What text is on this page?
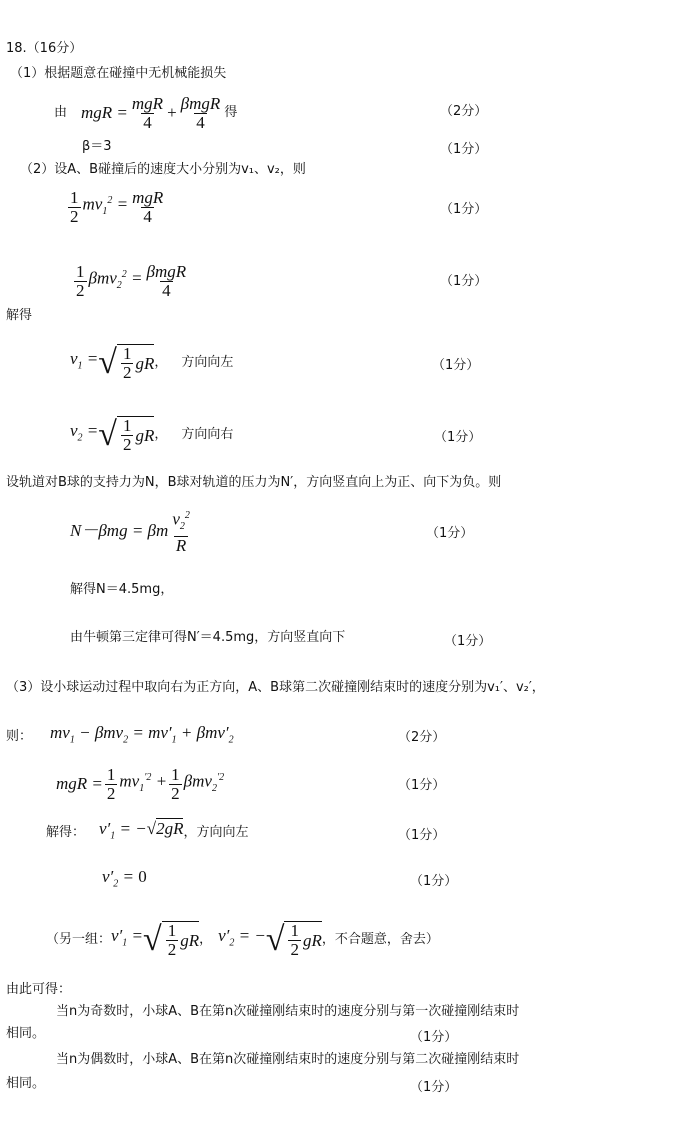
18.（16分）
（1）根据题意在碰撞中无机械能损失
由 mgR = $\frac{\text{mgR}}{4} + \frac{\text{βmgR}}{4}$ 得	（2分）
β＝3	（1分）
（2）设A、B碰撞后的速度大小分别为v₁、v₂，则
$\frac{1}{2} mv_1^2 = \frac{\text{mgR}}{4}$	（1分）
$\frac{1}{2} \beta mv_2^2 = \frac{\text{βmgR}}{4}$	（1分）
解得
$v_1$ = √ $\frac{1}{2}$ gR ， 方向向左	（1分）
$v_2$ = √ $\frac{1}{2}$ gR ， 方向向右	（1分）
设轨道对B球的支持力为N，B球对轨道的压力为N′，方向竖直向上为正、向下为负。则
N－βmg = βm $\frac{v_2^2}{R}$	（1分）
解得N＝4.5mg，
由牛顿第三定律可得N′＝4.5mg，方向竖直向下	（1分）
（3）设小球运动过程中取向右为正方向，A、B球第二次碰撞刚结束时的速度分别为v₁′、v₂′，
则： $mv_1 - \beta mv_2 = mv'_1 + \beta mv'_2$	（2分）
mgR = $\frac{1}{2} mv_1^{'2} + \frac{1}{2} \beta mv_2^{'2}$
（1分）
解得： $v'_1 = -√2gR$ ，方向向左	（1分）
$v'_2 = 0$	（1分）
（另一组： $v'_1$ = √ $\frac{1}{2}$ gR ， $v'_2$ = − √ $\frac{1}{2}$ gR ，不合题意，舍去）
由此可得：
当n为奇数时，小球A、B在第n次碰撞刚结束时的速度分别与第一次碰撞刚结束时
相同。	（1分）
当n为偶数时，小球A、B在第n次碰撞刚结束时的速度分别与第二次碰撞刚结束时
相同。	（1分）
